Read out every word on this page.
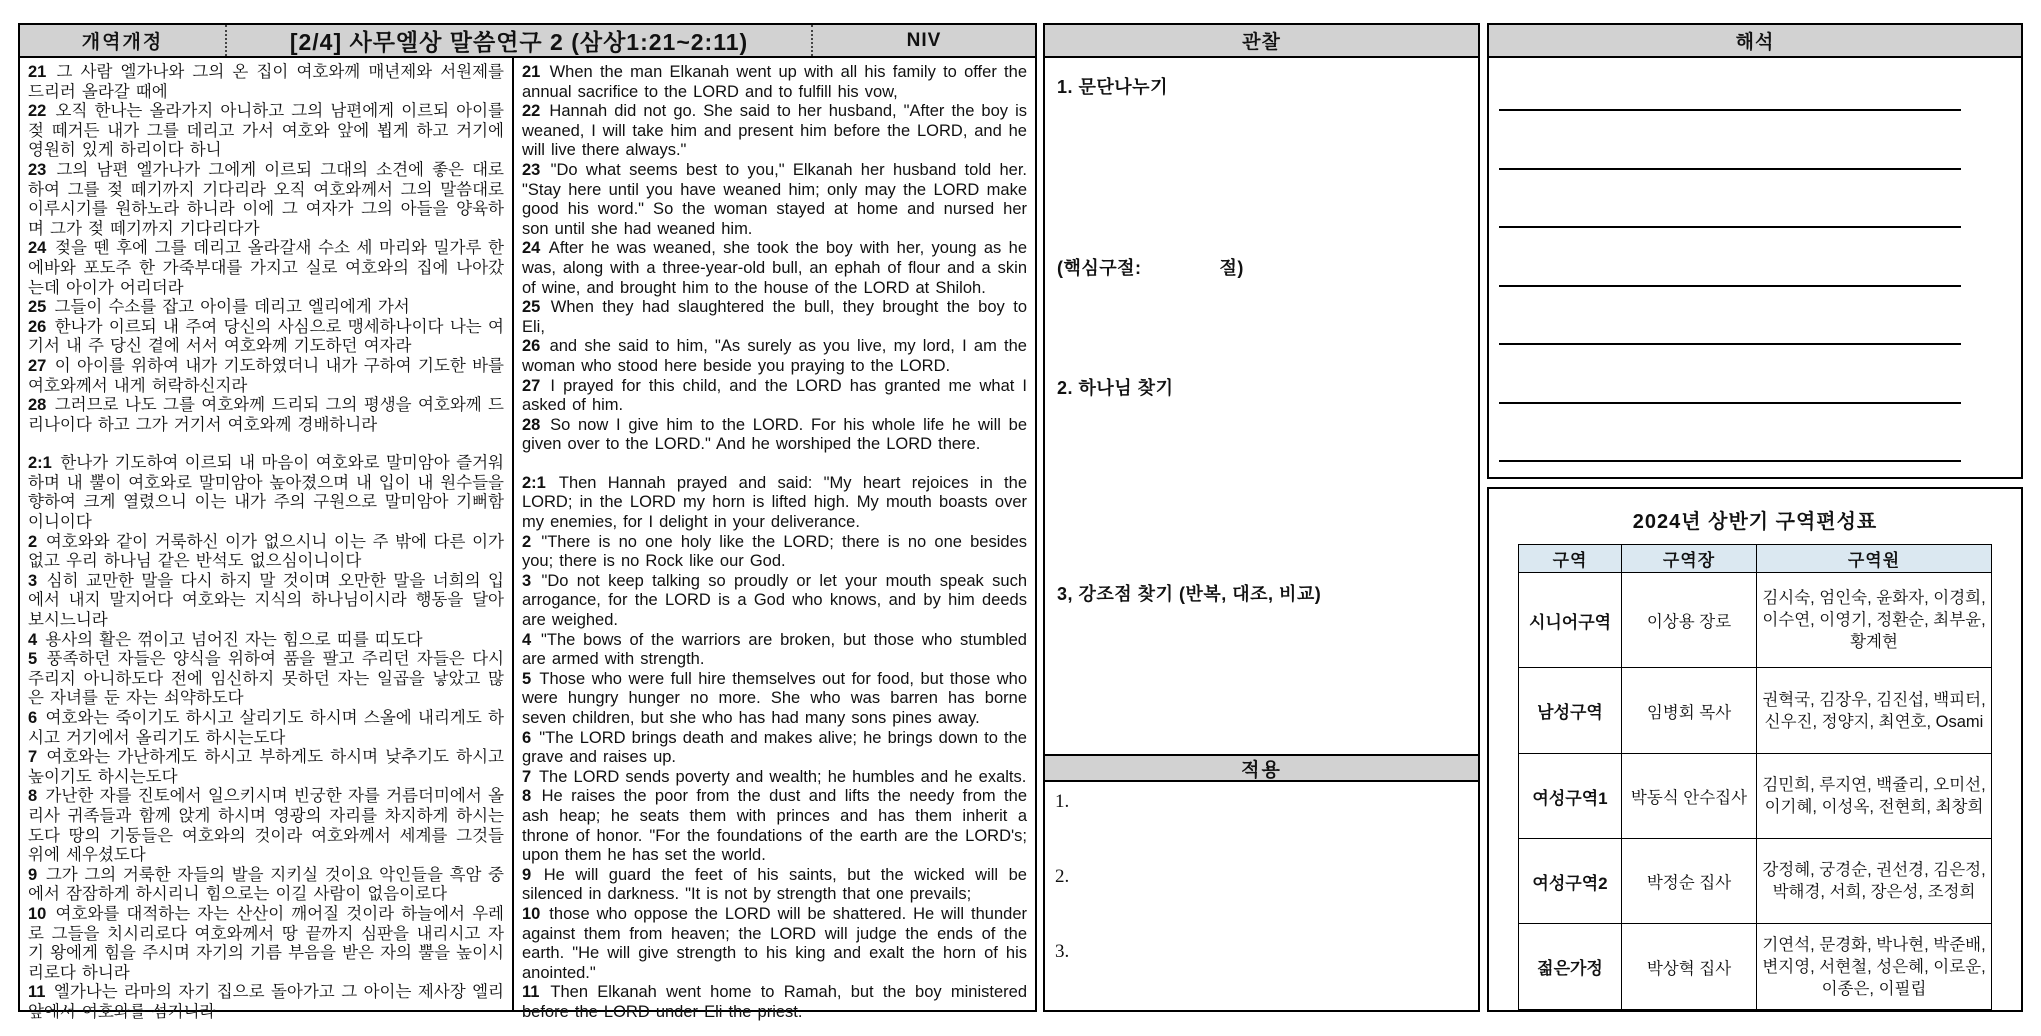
개역개정	[2/4] 사무엘상 말씀연구 2 (삼상1:21~2:11)	NIV
21 그 사람 엘가나와 그의 온 집이 여호와께 매년제와 서원제를 드리러 올라갈 때에
22 오직 한나는 올라가지 아니하고 그의 남편에게 이르되 아이를 젖 떼거든 내가 그를 데리고 가서 여호와 앞에 뵙게 하고 거기에 영원히 있게 하리이다 하니
23 그의 남편 엘가나가 그에게 이르되 그대의 소견에 좋은 대로 하여 그를 젖 떼기까지 기다리라 오직 여호와께서 그의 말씀대로 이루시기를 원하노라 하니라 이에 그 여자가 그의 아들을 양육하며 그가 젖 떼기까지 기다리다가
24 젖을 뗀 후에 그를 데리고 올라갈새 수소 세 마리와 밀가루 한 에바와 포도주 한 가죽부대를 가지고 실로 여호와의 집에 나아갔는데 아이가 어리더라
25 그들이 수소를 잡고 아이를 데리고 엘리에게 가서
26 한나가 이르되 내 주여 당신의 사심으로 맹세하나이다 나는 여기서 내 주 당신 곁에 서서 여호와께 기도하던 여자라
27 이 아이를 위하여 내가 기도하였더니 내가 구하여 기도한 바를 여호와께서 내게 허락하신지라
28 그러므로 나도 그를 여호와께 드리되 그의 평생을 여호와께 드리나이다 하고 그가 거기서 여호와께 경배하니라
2:1 한나가 기도하여 이르되 내 마음이 여호와로 말미암아 즐거워하며 내 뿔이 여호와로 말미암아 높아졌으며 내 입이 내 원수들을 향하여 크게 열렸으니 이는 내가 주의 구원으로 말미암아 기뻐함이니이다
2 여호와와 같이 거룩하신 이가 없으시니 이는 주 밖에 다른 이가 없고 우리 하나님 같은 반석도 없으심이니이다
3 심히 교만한 말을 다시 하지 말 것이며 오만한 말을 너희의 입에서 내지 말지어다 여호와는 지식의 하나님이시라 행동을 달아 보시느니라
4 용사의 활은 꺾이고 넘어진 자는 힘으로 띠를 띠도다
5 풍족하던 자들은 양식을 위하여 품을 팔고 주리던 자들은 다시 주리지 아니하도다 전에 임신하지 못하던 자는 일곱을 낳았고 많은 자녀를 둔 자는 쇠약하도다
6 여호와는 죽이기도 하시고 살리기도 하시며 스올에 내리게도 하시고 거기에서 올리기도 하시는도다
7 여호와는 가난하게도 하시고 부하게도 하시며 낮추기도 하시고 높이기도 하시는도다
8 가난한 자를 진토에서 일으키시며 빈궁한 자를 거름더미에서 올리사 귀족들과 함께 앉게 하시며 영광의 자리를 차지하게 하시는도다 땅의 기둥들은 여호와의 것이라 여호와께서 세계를 그것들 위에 세우셨도다
9 그가 그의 거룩한 자들의 발을 지키실 것이요 악인들을 흑암 중에서 잠잠하게 하시리니 힘으로는 이길 사람이 없음이로다
10 여호와를 대적하는 자는 산산이 깨어질 것이라 하늘에서 우레로 그들을 치시리로다 여호와께서 땅 끝까지 심판을 내리시고 자기 왕에게 힘을 주시며 자기의 기름 부음을 받은 자의 뿔을 높이시리로다 하니라
11 엘가나는 라마의 자기 집으로 돌아가고 그 아이는 제사장 엘리 앞에서 여호와를 섬기니라
21 When the man Elkanah went up with all his family to offer the annual sacrifice to the LORD and to fulfill his vow,
22 Hannah did not go. She said to her husband, "After the boy is weaned, I will take him and present him before the LORD, and he will live there always."
23 "Do what seems best to you," Elkanah her husband told her. "Stay here until you have weaned him; only may the LORD make good his word." So the woman stayed at home and nursed her son until she had weaned him.
24 After he was weaned, she took the boy with her, young as he was, along with a three-year-old bull, an ephah of flour and a skin of wine, and brought him to the house of the LORD at Shiloh.
25 When they had slaughtered the bull, they brought the boy to Eli,
26 and she said to him, "As surely as you live, my lord, I am the woman who stood here beside you praying to the LORD.
27 I prayed for this child, and the LORD has granted me what I asked of him.
28 So now I give him to the LORD. For his whole life he will be given over to the LORD." And he worshiped the LORD there.
2:1 Then Hannah prayed and said: "My heart rejoices in the LORD; in the LORD my horn is lifted high. My mouth boasts over my enemies, for I delight in your deliverance.
2 "There is no one holy like the LORD; there is no one besides you; there is no Rock like our God.
3 "Do not keep talking so proudly or let your mouth speak such arrogance, for the LORD is a God who knows, and by him deeds are weighed.
4 "The bows of the warriors are broken, but those who stumbled are armed with strength.
5 Those who were full hire themselves out for food, but those who were hungry hunger no more. She who was barren has borne seven children, but she who has had many sons pines away.
6 "The LORD brings death and makes alive; he brings down to the grave and raises up.
7 The LORD sends poverty and wealth; he humbles and he exalts.
8 He raises the poor from the dust and lifts the needy from the ash heap; he seats them with princes and has them inherit a throne of honor. "For the foundations of the earth are the LORD's; upon them he has set the world.
9 He will guard the feet of his saints, but the wicked will be silenced in darkness. "It is not by strength that one prevails;
10 those who oppose the LORD will be shattered. He will thunder against them from heaven; the LORD will judge the ends of the earth. "He will give strength to his king and exalt the horn of his anointed."
11 Then Elkanah went home to Ramah, but the boy ministered before the LORD under Eli the priest.
관찰
1. 문단나누기
(핵심구절:	절)
2. 하나님 찾기
3, 강조점 찾기 (반복, 대조, 비교)
적용
1.
2.
3.
해석
2024년 상반기 구역편성표
구역	구역장	구역원
시니어구역	이상용 장로	김시숙, 엄인숙, 윤화자, 이경희,
이수연, 이영기, 정환순, 최부윤, 황계현

남성구역	임병회 목사	권혁국, 김장우, 김진섭, 백피터,
신우진, 정양지, 최연호, Osami

여성구역1	박동식 안수집사	김민희, 루지연, 백쥴리, 오미선,
이기혜, 이성옥, 전현희, 최창희

여성구역2	박정순 집사	강정혜, 궁경순, 권선경, 김은정,
박해경, 서희, 장은성, 조정희

젊은가정	박상혁 집사	기연석, 문경화, 박나현, 박준배,
변지영, 서현철, 성은혜, 이로운,
이종은, 이필립
